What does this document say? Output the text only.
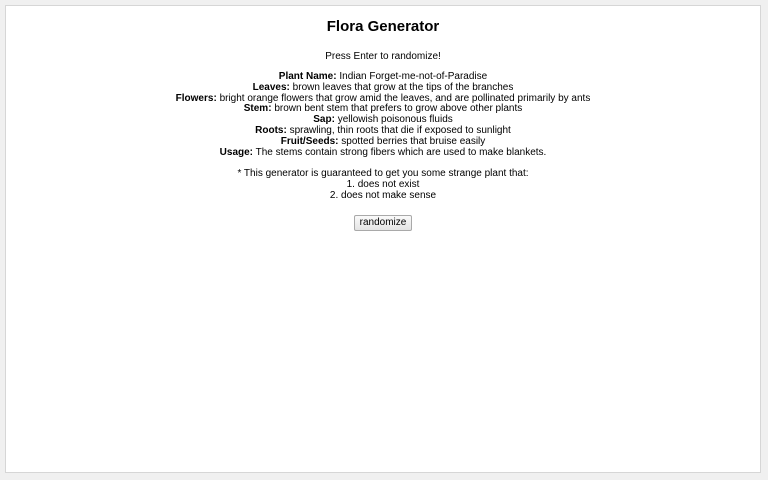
Flora Generator
Press Enter to randomize!
Plant Name: Indian Forget-me-not-of-Paradise
Leaves: brown leaves that grow at the tips of the branches
Flowers: bright orange flowers that grow amid the leaves, and are pollinated primarily by ants
Stem: brown bent stem that prefers to grow above other plants
Sap: yellowish poisonous fluids
Roots: sprawling, thin roots that die if exposed to sunlight
Fruit/Seeds: spotted berries that bruise easily
Usage: The stems contain strong fibers which are used to make blankets.
* This generator is guaranteed to get you some strange plant that:
1. does not exist
2. does not make sense
randomize
